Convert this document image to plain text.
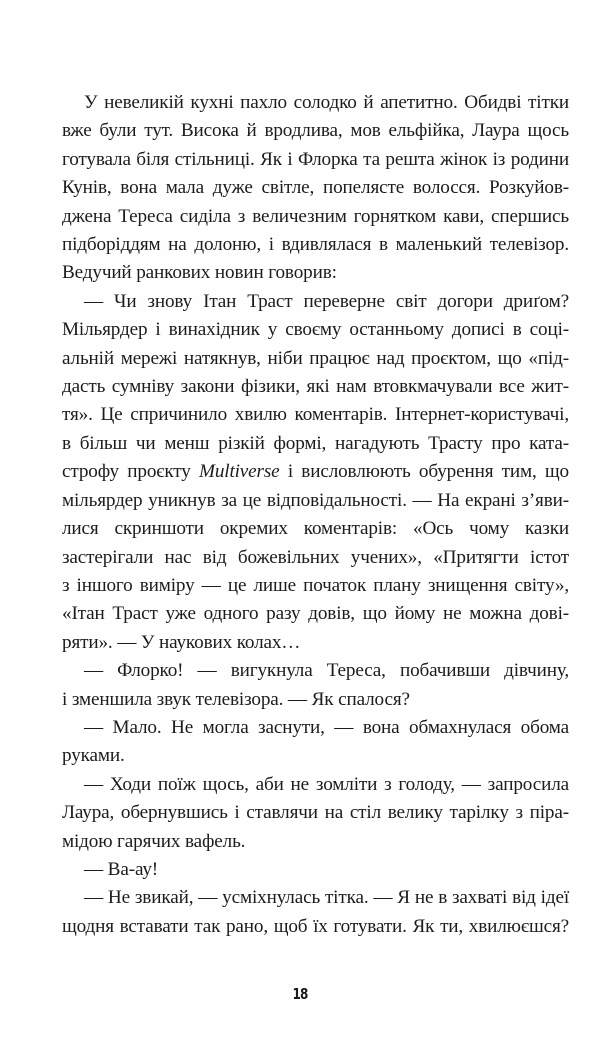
У невеликій кухні пахло солодко й апетитно. Обидві тітки
вже були тут. Висока й вродлива, мов ельфійка, Лаура щось
готувала біля стільниці. Як і Флорка та решта жінок із родини
Кунів, вона мала дуже світле, попелясте волосся. Розкуйов-
джена Тереса сиділа з величезним горнятком кави, спершись
підборіддям на долоню, і вдивлялася в маленький телевізор.
Ведучий ранкових новин говорив:
— Чи знову Ітан Траст переверне світ догори дриґом?
Мільярдер і винахідник у своєму останньому дописі в соці-
альній мережі натякнув, ніби працює над проєктом, що «під-
дасть сумніву закони фізики, які нам втовкмачували все жит-
тя». Це спричинило хвилю коментарів. Інтернет-користувачі,
в більш чи менш різкій формі, нагадують Трасту про ката-
строфу проєкту Multiverse і висловлюють обурення тим, що
мільярдер уникнув за це відповідальності. — На екрані з’яви-
лися скриншоти окремих коментарів: «Ось чому казки
застерігали нас від божевільних учених», «Притягти істот
з іншого виміру — це лише початок плану знищення світу»,
«Ітан Траст уже одного разу довів, що йому не можна дові-
ряти». — У наукових колах…
— Флорко! — вигукнула Тереса, побачивши дівчину,
і зменшила звук телевізора. — Як спалося?
— Мало. Не могла заснути, — вона обмахнулася обома
руками.
— Ходи поїж щось, аби не зомліти з голоду, — запросила
Лаура, обернувшись і ставлячи на стіл велику тарілку з піра-
мідою гарячих вафель.
— Ва-ау!
— Не звикай, — усміхнулась тітка. — Я не в захваті від ідеї
щодня вставати так рано, щоб їх готувати. Як ти, хвилюєшся?
18
